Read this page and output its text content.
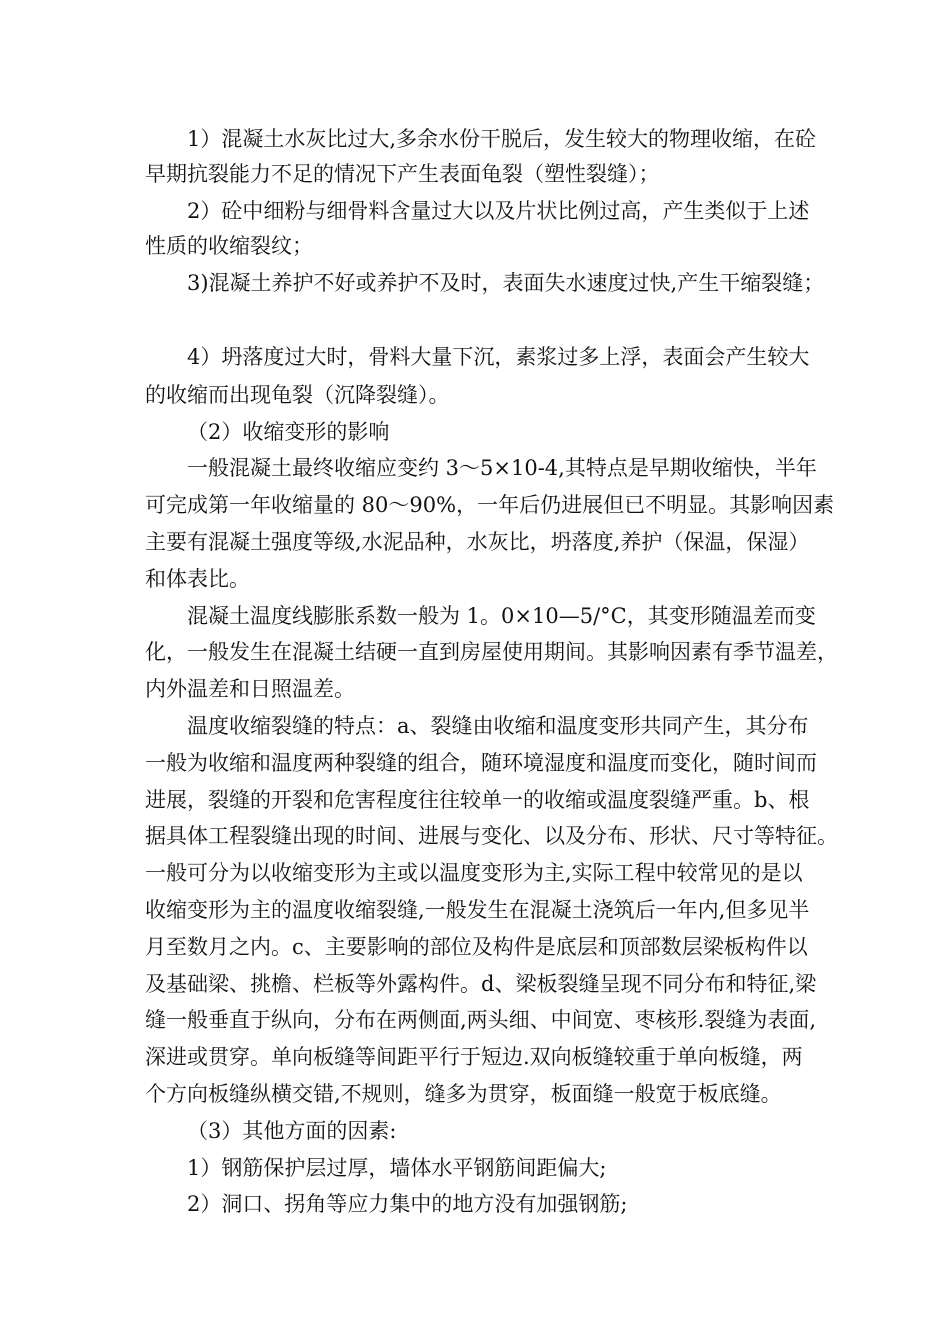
1）混凝土水灰比过大,多余水份干脱后，发生较大的物理收缩，在砼
早期抗裂能力不足的情况下产生表面龟裂（塑性裂缝）；
2）砼中细粉与细骨料含量过大以及片状比例过高，产生类似于上述
性质的收缩裂纹；
3)混凝土养护不好或养护不及时，表面失水速度过快,产生干缩裂缝；
4）坍落度过大时，骨料大量下沉，素浆过多上浮，表面会产生较大
的收缩而出现龟裂（沉降裂缝）。
（2）收缩变形的影响
一般混凝土最终收缩应变约 3～5×10-4,其特点是早期收缩快，半年
可完成第一年收缩量的 80～90%，一年后仍进展但已不明显。其影响因素
主要有混凝土强度等级,水泥品种，水灰比，坍落度,养护（保温，保湿）
和体表比。
混凝土温度线膨胀系数一般为 1。0×10—5/°C，其变形随温差而变
化，一般发生在混凝土结硬一直到房屋使用期间。其影响因素有季节温差，
内外温差和日照温差。
温度收缩裂缝的特点：a、裂缝由收缩和温度变形共同产生，其分布
一般为收缩和温度两种裂缝的组合，随环境湿度和温度而变化，随时间而
进展，裂缝的开裂和危害程度往往较单一的收缩或温度裂缝严重。b、根
据具体工程裂缝出现的时间、进展与变化、以及分布、形状、尺寸等特征。
一般可分为以收缩变形为主或以温度变形为主,实际工程中较常见的是以
收缩变形为主的温度收缩裂缝,一般发生在混凝土浇筑后一年内,但多见半
月至数月之内。c、主要影响的部位及构件是底层和顶部数层梁板构件以
及基础梁、挑檐、栏板等外露构件。d、梁板裂缝呈现不同分布和特征,梁
缝一般垂直于纵向，分布在两侧面,两头细、中间宽、枣核形.裂缝为表面,
深进或贯穿。单向板缝等间距平行于短边.双向板缝较重于单向板缝，两
个方向板缝纵横交错,不规则，缝多为贯穿，板面缝一般宽于板底缝。
（3）其他方面的因素:
1）钢筋保护层过厚，墙体水平钢筋间距偏大;
2）洞口、拐角等应力集中的地方没有加强钢筋;
